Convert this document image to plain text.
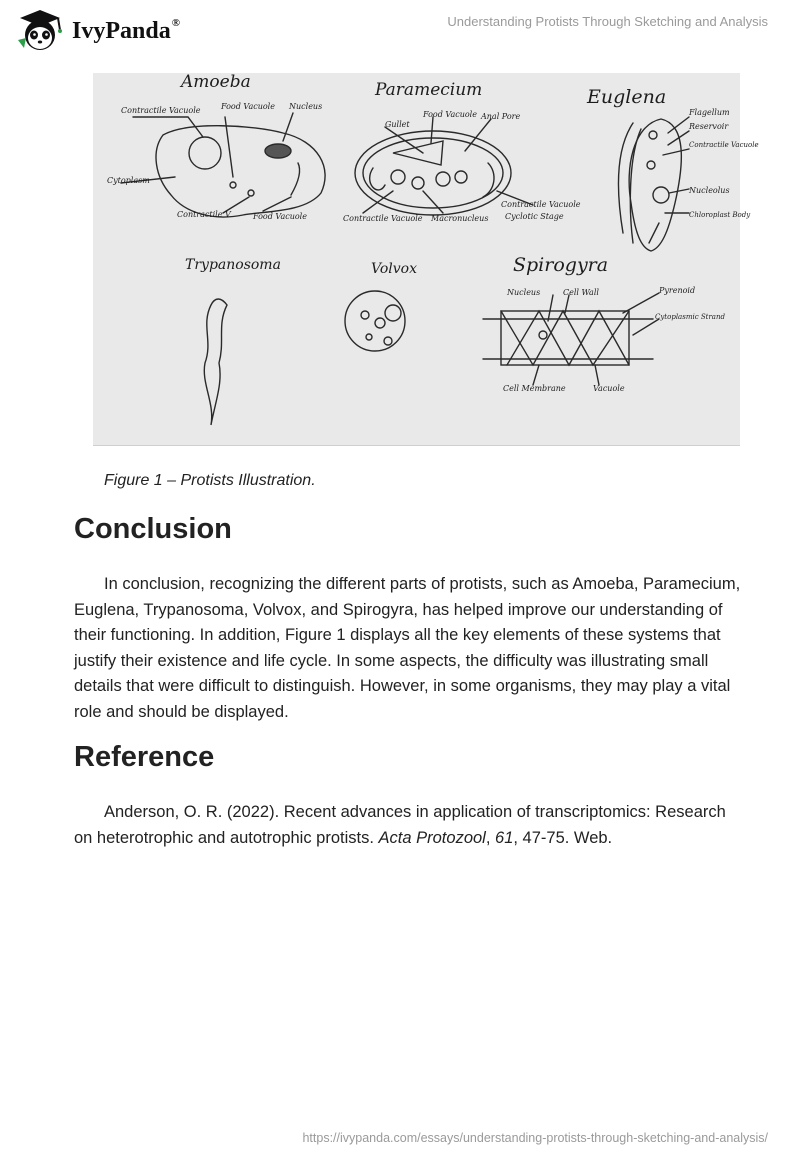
IvyPanda®	Understanding Protists Through Sketching and Analysis
Amoeba	Paramecium	Euglena
Trypanosoma	Volvox	Spirogyra
Contractile Vacuole	Food Vacuole Nucleus
Cytoplasm
Contractile V	Food Vacuole
Gullet
Food Vacuole Anal Pore
Contractile Vacuole Macronucleus
Contractile Vacuole
Cyclotic Stage
Flagellum
Reservoir
Contractile Vacuole
Nucleolus
Chloroplast Body
Nucleus	Cell Wall	Pyrenoid
Cytoplasmic Strand
Cell Membrane	Vacuole
Figure 1 – Protists Illustration.
Conclusion

In conclusion, recognizing the different parts of protists, such as Amoeba, Paramecium, Euglena, Trypanosoma, Volvox, and Spirogyra, has helped improve our understanding of their functioning. In addition, Figure 1 displays all the key elements of these systems that justify their existence and life cycle. In some aspects, the difficulty was illustrating small details that were difficult to distinguish. However, in some organisms, they may play a vital role and should be displayed.

Reference

Anderson, O. R. (2022). Recent advances in application of transcriptomics: Research on heterotrophic and autotrophic protists. Acta Protozool, 61, 47-75. Web.

https://ivypanda.com/essays/understanding-protists-through-sketching-and-analysis/
